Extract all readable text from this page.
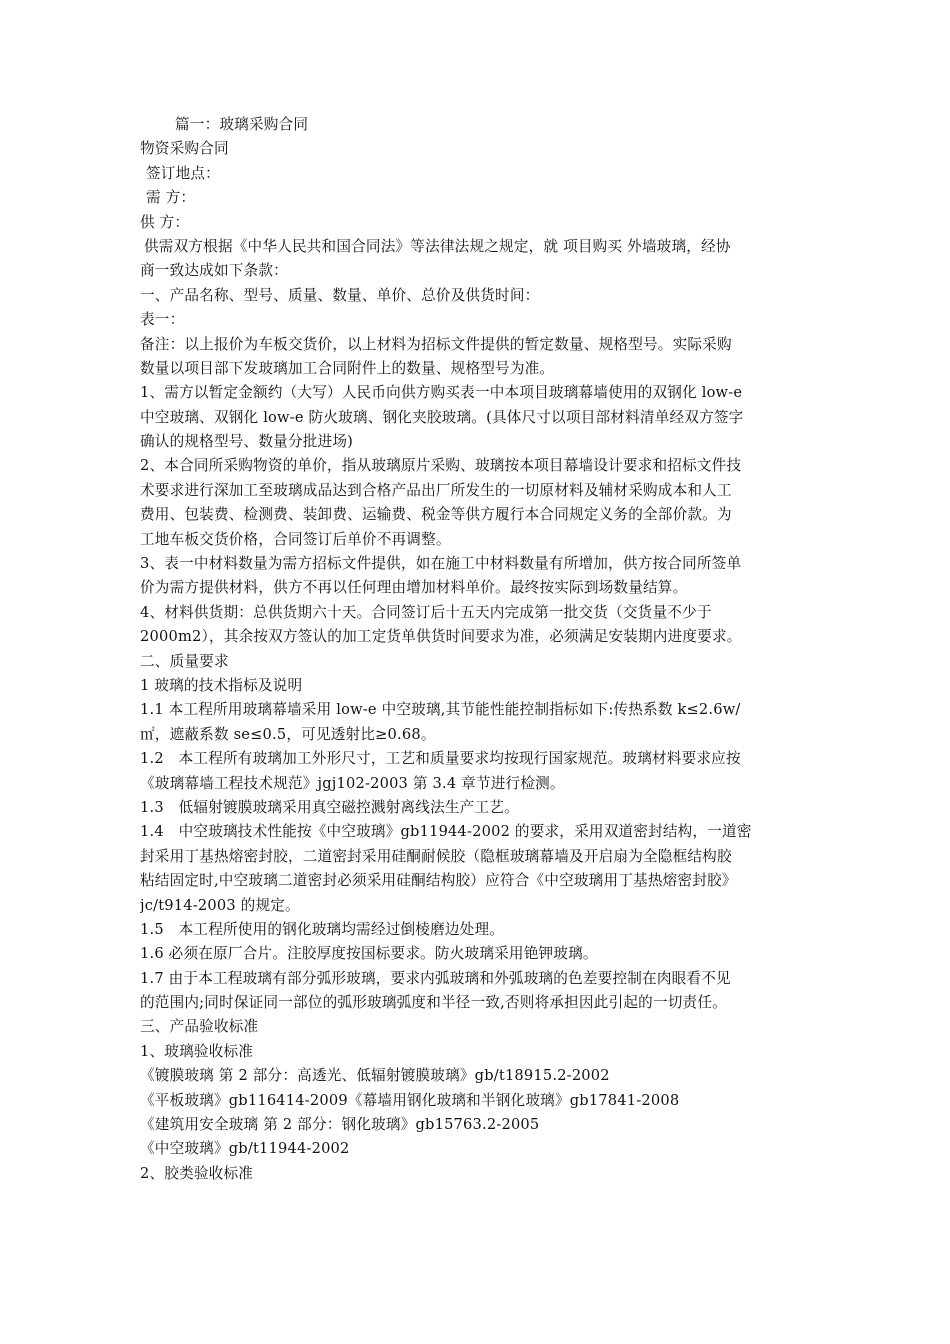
篇一：玻璃采购合同
物资采购合同
签订地点：
需 方：
供 方：
供需双方根据《中华人民共和国合同法》等法律法规之规定，就 项目购买 外墙玻璃，经协
商一致达成如下条款：
一、产品名称、型号、质量、数量、单价、总价及供货时间：
表一：
备注：以上报价为车板交货价，以上材料为招标文件提供的暂定数量、规格型号。实际采购
数量以项目部下发玻璃加工合同附件上的数量、规格型号为准。
1、需方以暂定金额约（大写）人民币向供方购买表一中本项目玻璃幕墙使用的双钢化 low-e
中空玻璃、双钢化 low-e 防火玻璃、钢化夹胶玻璃。(具体尺寸以项目部材料清单经双方签字
确认的规格型号、数量分批进场)
2、本合同所采购物资的单价，指从玻璃原片采购、玻璃按本项目幕墙设计要求和招标文件技
术要求进行深加工至玻璃成品达到合格产品出厂所发生的一切原材料及辅材采购成本和人工
费用、包装费、检测费、装卸费、运输费、税金等供方履行本合同规定义务的全部价款。为
工地车板交货价格，合同签订后单价不再调整。
3、表一中材料数量为需方招标文件提供，如在施工中材料数量有所增加，供方按合同所签单
价为需方提供材料，供方不再以任何理由增加材料单价。最终按实际到场数量结算。
4、材料供货期：总供货期六十天。合同签订后十五天内完成第一批交货（交货量不少于
2000m2），其余按双方签认的加工定货单供货时间要求为准，必须满足安装期内进度要求。
二、质量要求
1 玻璃的技术指标及说明
1.1 本工程所用玻璃幕墙采用 low-e 中空玻璃,其节能性能控制指标如下:传热系数 k≤2.6w/
㎡，遮蔽系数 se≤0.5，可见透射比≥0.68。
1.2　本工程所有玻璃加工外形尺寸，工艺和质量要求均按现行国家规范。玻璃材料要求应按
《玻璃幕墙工程技术规范》jgj102-2003 第 3.4 章节进行检测。
1.3　低辐射镀膜玻璃采用真空磁控溅射离线法生产工艺。
1.4　中空玻璃技术性能按《中空玻璃》gb11944-2002 的要求，采用双道密封结构，一道密
封采用丁基热熔密封胶，二道密封采用硅酮耐候胶（隐框玻璃幕墙及开启扇为全隐框结构胶
粘结固定时,中空玻璃二道密封必须采用硅酮结构胶）应符合《中空玻璃用丁基热熔密封胶》
jc/t914-2003 的规定。
1.5　本工程所使用的钢化玻璃均需经过倒棱磨边处理。
1.6 必须在原厂合片。注胶厚度按国标要求。防火玻璃采用铯钾玻璃。
1.7 由于本工程玻璃有部分弧形玻璃，要求内弧玻璃和外弧玻璃的色差要控制在肉眼看不见
的范围内;同时保证同一部位的弧形玻璃弧度和半径一致,否则将承担因此引起的一切责任。
三、产品验收标准
1、玻璃验收标准
《镀膜玻璃 第 2 部分：高透光、低辐射镀膜玻璃》gb/t18915.2-2002
《平板玻璃》gb116414-2009《幕墙用钢化玻璃和半钢化玻璃》gb17841-2008
《建筑用安全玻璃 第 2 部分：钢化玻璃》gb15763.2-2005
《中空玻璃》gb/t11944-2002
2、胶类验收标准
